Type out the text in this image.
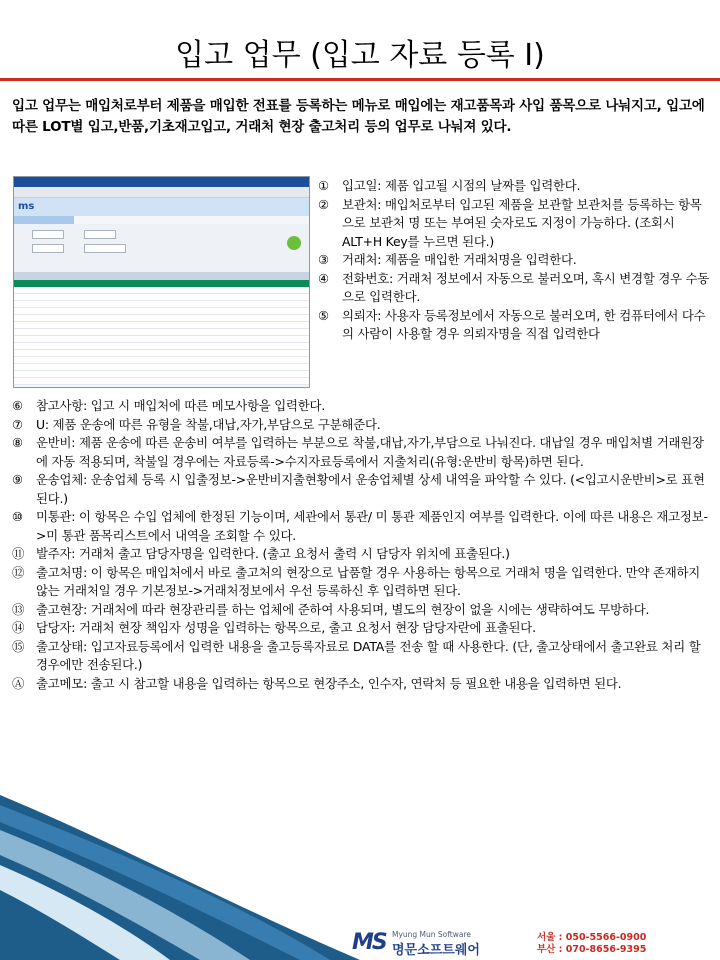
입고 업무 (입고 자료 등록 Ⅰ)
입고 업무는 매입처로부터 제품을 매입한 전표를 등록하는 메뉴로 매입에는 재고품목과 사입 품목으로 나눠지고, 입고에 따른 LOT별 입고,반품,기초재고입고, 거래처 현장 출고처리 등의 업무로 나눠져 있다.
ms
①	입고일: 제품 입고될 시점의 날짜를 입력한다.
②	보관처: 매입처로부터 입고된 제품을 보관할 보관처를 등록하는 항목으로 보관처 명 또는 부여된 숫자로도 지정이 가능하다. (조회시 ALT+H Key를 누르면 된다.)
③	거래처: 제품을 매입한 거래처명을 입력한다.
④	전화번호: 거래처 정보에서 자동으로 불러오며, 혹시 변경할 경우 수동으로 입력한다.
⑤	의뢰자: 사용자 등록정보에서 자동으로 불러오며, 한 컴퓨터에서 다수의 사람이 사용할 경우 의뢰자명을 직접 입력한다
⑥	참고사항: 입고 시 매입처에 따른 메모사항을 입력한다.
⑦	U: 제품 운송에 따른 유형을 착불,대납,자가,부담으로 구분해준다.
⑧	운반비: 제품 운송에 따른 운송비 여부를 입력하는 부분으로 착불,대납,자가,부담으로 나눠진다. 대납일 경우 매입처별 거래원장에 자동 적용되며, 착불일 경우에는 자료등록->수지자료등록에서 지출처리(유형:운반비 항목)하면 된다.
⑨	운송업체: 운송업체 등록 시 입출정보->운반비지출현황에서 운송업체별 상세 내역을 파악할 수 있다. (<입고시운반비>로 표현된다.)
⑩	미통관: 이 항목은 수입 업체에 한정된 기능이며, 세관에서 통관/ 미 통관 제품인지 여부를 입력한다. 이에 따른 내용은 재고정보->미 통관 품목리스트에서 내역을 조회할 수 있다.
⑪ 발주자: 거래처 출고 담당자명을 입력한다. (출고 요청서 출력 시 담당자 위치에 표출된다.)
⑫ 출고처명: 이 항목은 매입처에서 바로 출고처의 현장으로 납품할 경우 사용하는 항목으로 거래처 명을 입력한다. 만약 존재하지 않는 거래처일 경우 기본정보->거래처정보에서 우선 등록하신 후 입력하면 된다.
⑬ 출고현장: 거래처에 따라 현장관리를 하는 업체에 준하여 사용되며, 별도의 현장이 없을 시에는 생략하여도 무방하다.
⑭ 담당자: 거래처 현장 책임자 성명을 입력하는 항목으로, 출고 요청서 현장 담당자란에 표출된다.
⑮ 출고상태: 입고자료등록에서 입력한 내용을 출고등록자료로 DATA를 전송 할 때 사용한다. (단, 출고상태에서 출고완료 처리 할 경우에만 전송된다.)
Ⓐ 출고메모: 출고 시 참고할 내용을 입력하는 항목으로 현장주소, 인수자, 연락처 등 필요한 내용을 입력하면 된다.
MS Myung Mun Software
명문소프트웨어
서울 : 050-5566-0900
부산 : 070-8656-9395
